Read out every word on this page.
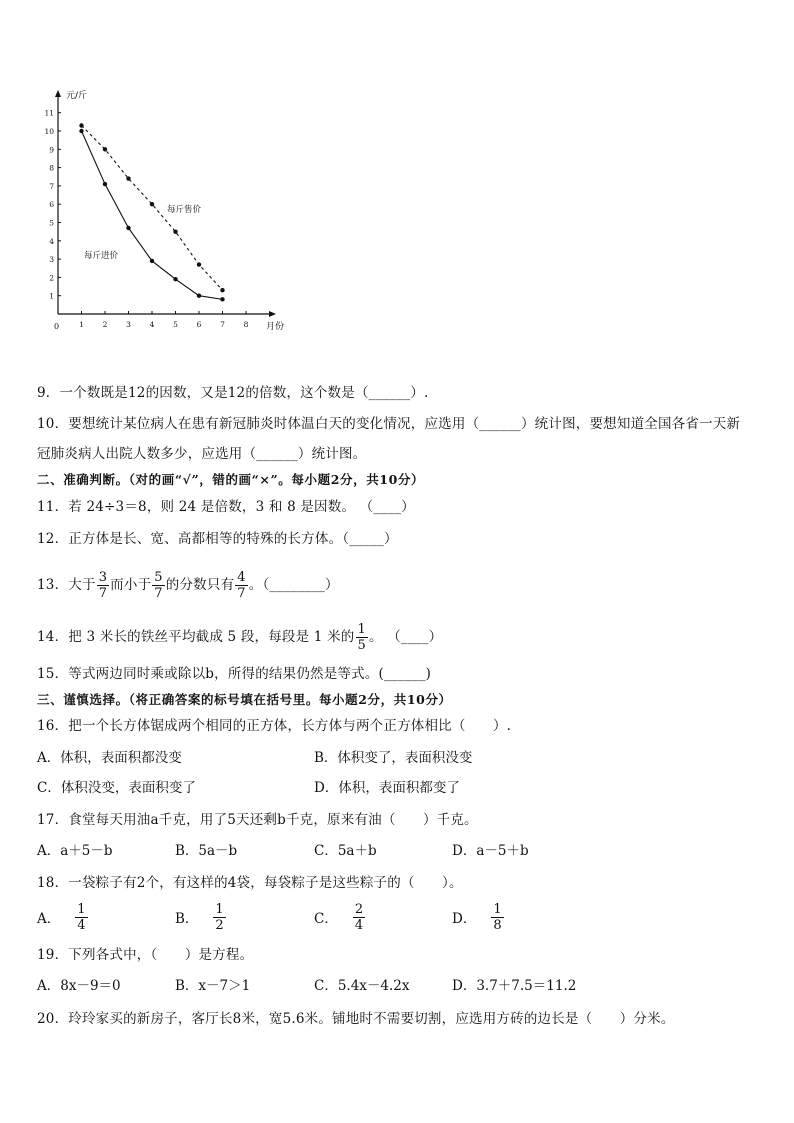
元/斤
月份
0
1
2
3
4
5
6
7
8
9
10
11
1 2 3 4 5 6 7 8
每斤售价
每斤进价
9．一个数既是12的因数，又是12的倍数，这个数是（______）.
10．要想统计某位病人在患有新冠肺炎时体温白天的变化情况，应选用（______）统计图，要想知道全国各省一天新
冠肺炎病人出院人数多少，应选用（______）统计图。
二、准确判断。（对的画“√”，错的画“×”。每小题2分，共10分）
11．若 24÷3＝8，则 24 是倍数，3 和 8 是因数。 （____）
12．正方体是长、宽、高都相等的特殊的长方体。（_____）
13．大于 $\frac{3}{7}$ 而小于 $\frac{5}{7}$ 的分数只有 $\frac{4}{7}$ 。（________）
14．把 3 米长的铁丝平均截成 5 段，每段是 1 米的 $\frac{1}{5}$ 。 （____）
15．等式两边同时乘或除以b，所得的结果仍然是等式。(______)
三、谨慎选择。（将正确答案的标号填在括号里。每小题2分，共10分）
16．把一个长方体锯成两个相同的正方体，长方体与两个正方体相比（　　）.
A．体积，表面积都没变	B．体积变了，表面积没变
C．体积没变，表面积变了	D．体积，表面积都变了
17．食堂每天用油a千克，用了5天还剩b千克，原来有油（　　）千克。
A．a＋5－b	B．5a－b	C．5a＋b	D．a－5＋b
18．一袋粽子有2个，有这样的4袋，每袋粽子是这些粽子的（　　）。
A． $\frac{1}{4}$	B． $\frac{1}{2}$	C． $\frac{2}{4}$	D． $\frac{1}{8}$
19．下列各式中，（　　）是方程。
A．8x－9＝0	B．x－7＞1	C．5.4x－4.2x	D．3.7＋7.5＝11.2
20．玲玲家买的新房子，客厅长8米，宽5.6米。铺地时不需要切割，应选用方砖的边长是（　　）分米。
